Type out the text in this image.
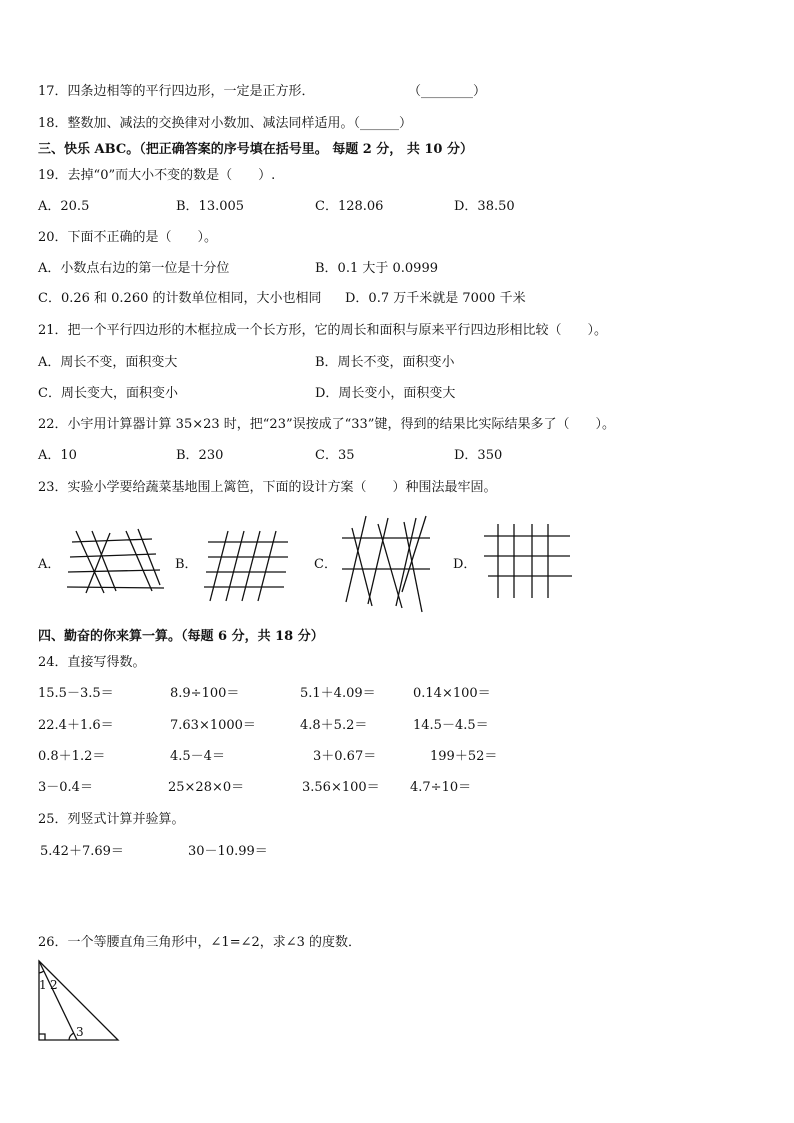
17．四条边相等的平行四边形，一定是正方形．	（________）
18．整数加、减法的交换律对小数加、减法同样适用。（______）
三、快乐 ABC。（把正确答案的序号填在括号里。 每题 2 分， 共 10 分）
19．去掉“0”而大小不变的数是（　　）.
A．20.5	B．13.005	C．128.06	D．38.50
20．下面不正确的是（　　）。
A．小数点右边的第一位是十分位	B．0.1 大于 0.0999
C．0.26 和 0.260 的计数单位相同，大小也相同 D．0.7 万千米就是 7000 千米
21．把一个平行四边形的木框拉成一个长方形，它的周长和面积与原来平行四边形相比较（　　）。
A．周长不变，面积变大	B．周长不变，面积变小
C．周长变大，面积变小	D．周长变小，面积变大
22．小宇用计算器计算 35×23 时，把“23”误按成了“33”键，得到的结果比实际结果多了（　　）。
A．10	B．230	C．35	D．350
23．实验小学要给蔬菜基地围上篱笆，下面的设计方案（　　）种围法最牢固。
A．	B．	C．	D．
四、勤奋的你来算一算。（每题 6 分，共 18 分）
24．直接写得数。
15.5－3.5＝	8.9÷100＝	5.1＋4.09＝	0.14×100＝
22.4＋1.6＝	7.63×1000＝	4.8＋5.2＝	14.5－4.5＝
0.8＋1.2＝	4.5－4＝	3＋0.67＝	199＋52＝
3－0.4＝	25×28×0＝	3.56×100＝ 4.7÷10＝
25．列竖式计算并验算。
5.42＋7.69＝	30－10.99＝
26．一个等腰直角三角形中，∠1=∠2，求∠3 的度数．
1 2
3
